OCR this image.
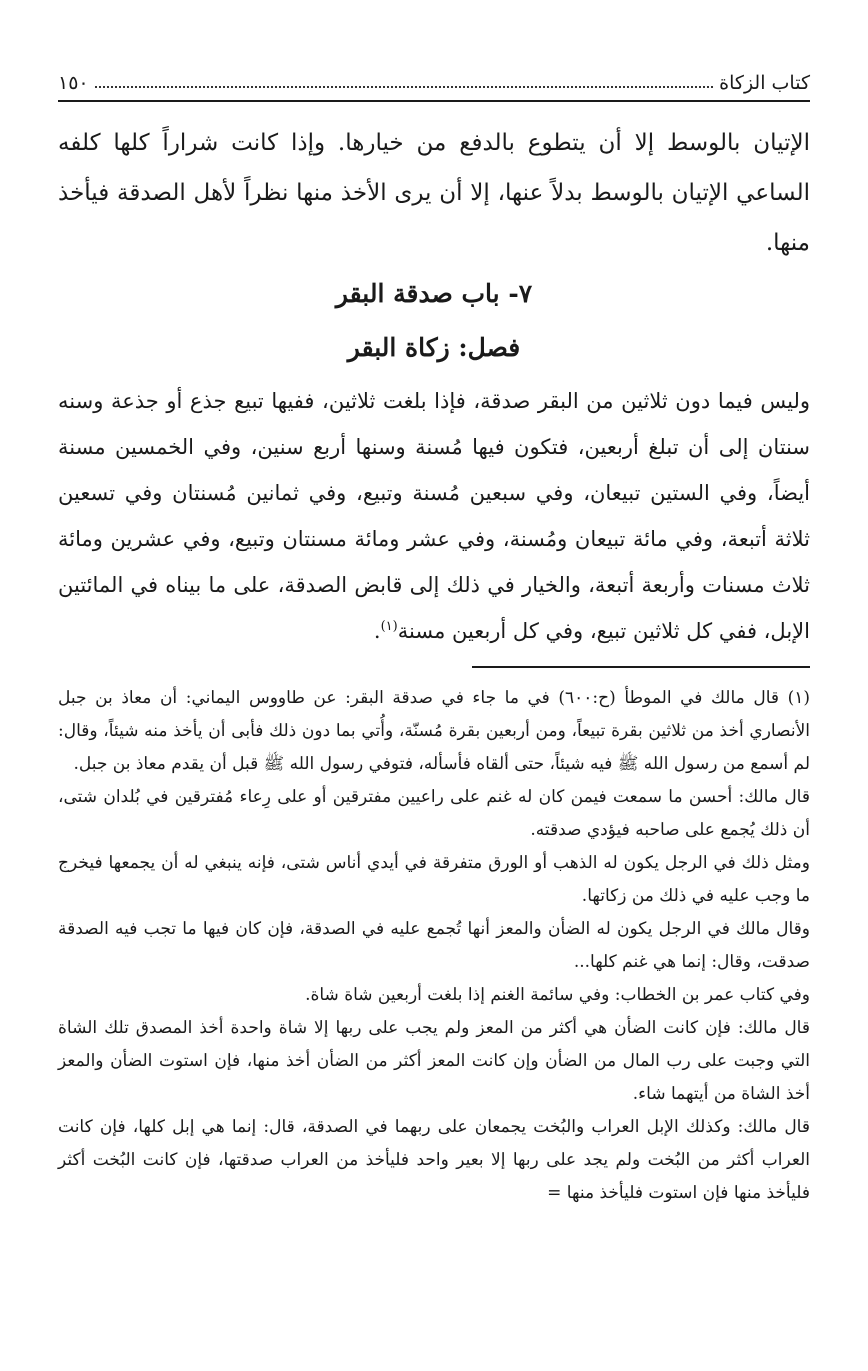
كتاب الزكاة
١٥٠

الإتيان بالوسط إلا أن يتطوع بالدفع من خيارها. وإذا كانت شراراً كلها كلفه الساعي الإتيان بالوسط بدلاً عنها، إلا أن يرى الأخذ منها نظراً لأهل الصدقة فيأخذ منها.

٧- باب صدقة البقر
فصل: زكاة البقر

وليس فيما دون ثلاثين من البقر صدقة، فإذا بلغت ثلاثين، ففيها تبيع جذع أو جذعة وسنه سنتان إلى أن تبلغ أربعين، فتكون فيها مُسنة وسنها أربع سنين، وفي الخمسين مسنة أيضاً، وفي الستين تبيعان، وفي سبعين مُسنة وتبيع، وفي ثمانين مُسنتان وفي تسعين ثلاثة أتبعة، وفي مائة تبيعان ومُسنة، وفي عشر ومائة مسنتان وتبيع، وفي عشرين ومائة ثلاث مسنات وأربعة أتبعة، والخيار في ذلك إلى قابض الصدقة، على ما بيناه في المائتين الإبل، ففي كل ثلاثين تبيع، وفي كل أربعين مسنة$^{(١)}$.

(١) قال مالك في الموطأ (ح:٦٠٠) في ما جاء في صدقة البقر: عن طاووس اليماني: أن معاذ بن جبل الأنصاري أخذ من ثلاثين بقرة تبيعاً، ومن أربعين بقرة مُسنّة، وأُتي بما دون ذلك فأبى أن يأخذ منه شيئاً، وقال: لم أسمع من رسول الله ﷺ فيه شيئاً، حتى ألقاه فأسأله، فتوفي رسول الله ﷺ قبل أن يقدم معاذ بن جبل.

قال مالك: أحسن ما سمعت فيمن كان له غنم على راعيين مفترقين أو على رِعاء مُفترقين في بُلدان شتى، أن ذلك يُجمع على صاحبه فيؤدي صدقته.

ومثل ذلك في الرجل يكون له الذهب أو الورق متفرقة في أيدي أناس شتى، فإنه ينبغي له أن يجمعها فيخرج ما وجب عليه في ذلك من زكاتها.

وقال مالك في الرجل يكون له الضأن والمعز أنها تُجمع عليه في الصدقة، فإن كان فيها ما تجب فيه الصدقة صدقت، وقال: إنما هي غنم كلها...

وفي كتاب عمر بن الخطاب: وفي سائمة الغنم إذا بلغت أربعين شاة شاة.

قال مالك: فإن كانت الضأن هي أكثر من المعز ولم يجب على ربها إلا شاة واحدة أخذ المصدق تلك الشاة التي وجبت على رب المال من الضأن وإن كانت المعز أكثر من الضأن أخذ منها، فإن استوت الضأن والمعز أخذ الشاة من أيتهما شاء.

قال مالك: وكذلك الإبل العراب والبُخت يجمعان على ربهما في الصدقة، قال: إنما هي إبل كلها، فإن كانت العراب أكثر من البُخت ولم يجد على ربها إلا بعير واحد فليأخذ من العراب صدقتها، فإن كانت البُخت أكثر فليأخذ منها فإن استوت فليأخذ منها =
